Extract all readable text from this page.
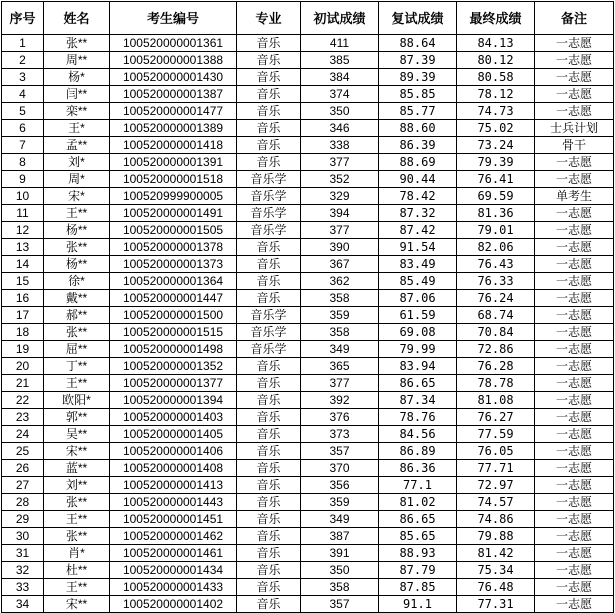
序号	姓名	考生编号	专业	初试成绩	复试成绩	最终成绩	备注
1	张**	100520000001361	音乐	411	88.64	84.13	一志愿
2	周**	100520000001388	音乐	385	87.39	80.12	一志愿
3	杨*	100520000001430	音乐	384	89.39	80.58	一志愿
4	闫**	100520000001387	音乐	374	85.85	78.12	一志愿
5	栾**	100520000001477	音乐	350	85.77	74.73	一志愿
6	王*	100520000001389	音乐	346	88.60	75.02	士兵计划
7	孟**	100520000001418	音乐	338	86.39	73.24	骨干
8	刘*	100520000001391	音乐	377	88.69	79.39	一志愿
9	周*	100520000001518	音乐学	352	90.44	76.41	一志愿
10	宋*	100520999900005	音乐学	329	78.42	69.59	单考生
11	王**	100520000001491	音乐学	394	87.32	81.36	一志愿
12	杨**	100520000001505	音乐学	377	87.42	79.01	一志愿
13	张**	100520000001378	音乐	390	91.54	82.06	一志愿
14	杨**	100520000001373	音乐	367	83.49	76.43	一志愿
15	徐*	100520000001364	音乐	362	85.49	76.33	一志愿
16	戴**	100520000001447	音乐	358	87.06	76.24	一志愿
17	郝**	100520000001500	音乐学	359	61.59	68.74	一志愿
18	张**	100520000001515	音乐学	358	69.08	70.84	一志愿
19	屈**	100520000001498	音乐学	349	79.99	72.86	一志愿
20	丁**	100520000001352	音乐	365	83.94	76.28	一志愿
21	王**	100520000001377	音乐	377	86.65	78.78	一志愿
22	欧阳*	100520000001394	音乐	392	87.34	81.08	一志愿
23	郭**	100520000001403	音乐	376	78.76	76.27	一志愿
24	吴**	100520000001405	音乐	373	84.56	77.59	一志愿
25	宋**	100520000001406	音乐	357	86.89	76.05	一志愿
26	蓝**	100520000001408	音乐	370	86.36	77.71	一志愿
27	刘**	100520000001413	音乐	356	77.1	72.97	一志愿
28	张**	100520000001443	音乐	359	81.02	74.57	一志愿
29	王**	100520000001451	音乐	349	86.65	74.86	一志愿
30	张**	100520000001462	音乐	387	85.65	79.88	一志愿
31	肖*	100520000001461	音乐	391	88.93	81.42	一志愿
32	杜**	100520000001434	音乐	350	87.79	75.34	一志愿
33	王**	100520000001433	音乐	358	87.85	76.48	一志愿
34	宋**	100520000001402	音乐	357	91.1	77.31	一志愿
